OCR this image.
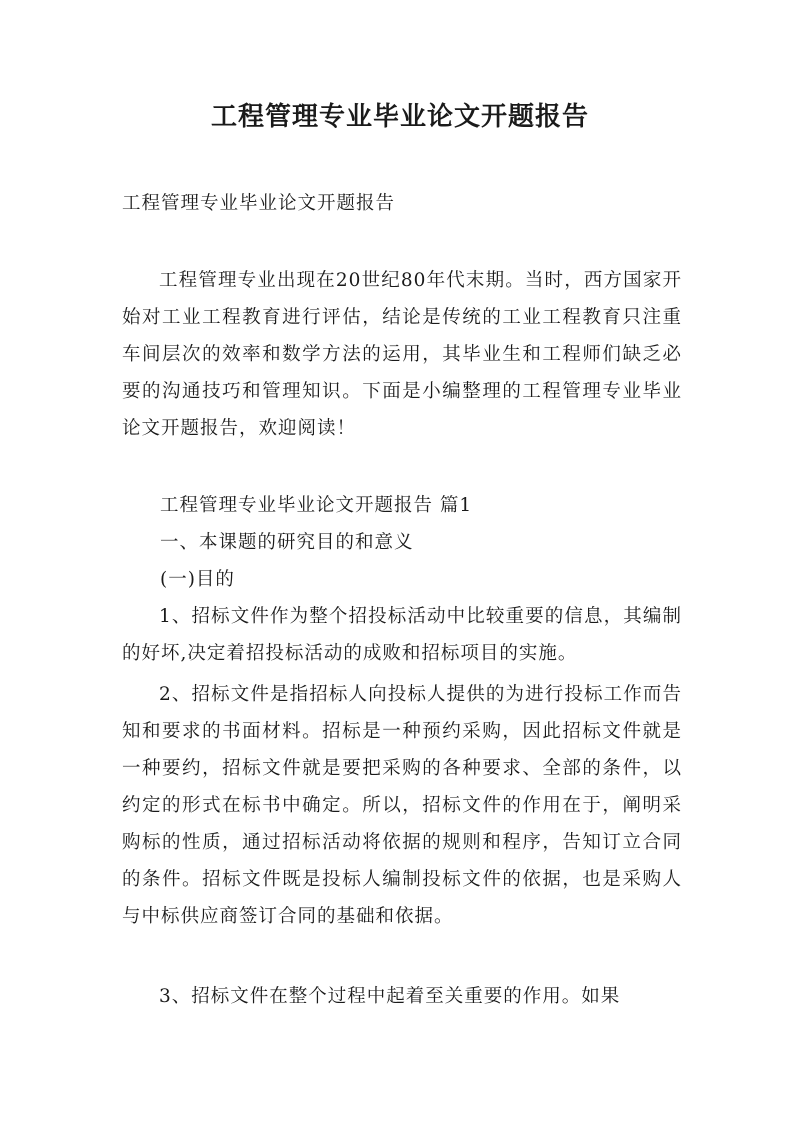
工程管理专业毕业论文开题报告
工程管理专业毕业论文开题报告
工程管理专业出现在20世纪80年代末期。当时，西方国家开始对工业工程教育进行评估，结论是传统的工业工程教育只注重车间层次的效率和数学方法的运用，其毕业生和工程师们缺乏必要的沟通技巧和管理知识。下面是小编整理的工程管理专业毕业论文开题报告，欢迎阅读！
工程管理专业毕业论文开题报告 篇1
一、本课题的研究目的和意义
(一)目的
1、招标文件作为整个招投标活动中比较重要的信息，其编制的好坏,决定着招投标活动的成败和招标项目的实施。
2、招标文件是指招标人向投标人提供的为进行投标工作而告知和要求的书面材料。招标是一种预约采购，因此招标文件就是一种要约，招标文件就是要把采购的各种要求、全部的条件，以约定的形式在标书中确定。所以，招标文件的作用在于，阐明采购标的性质，通过招标活动将依据的规则和程序，告知订立合同的条件。招标文件既是投标人编制投标文件的依据，也是采购人与中标供应商签订合同的基础和依据。
3、招标文件在整个过程中起着至关重要的作用。如果
